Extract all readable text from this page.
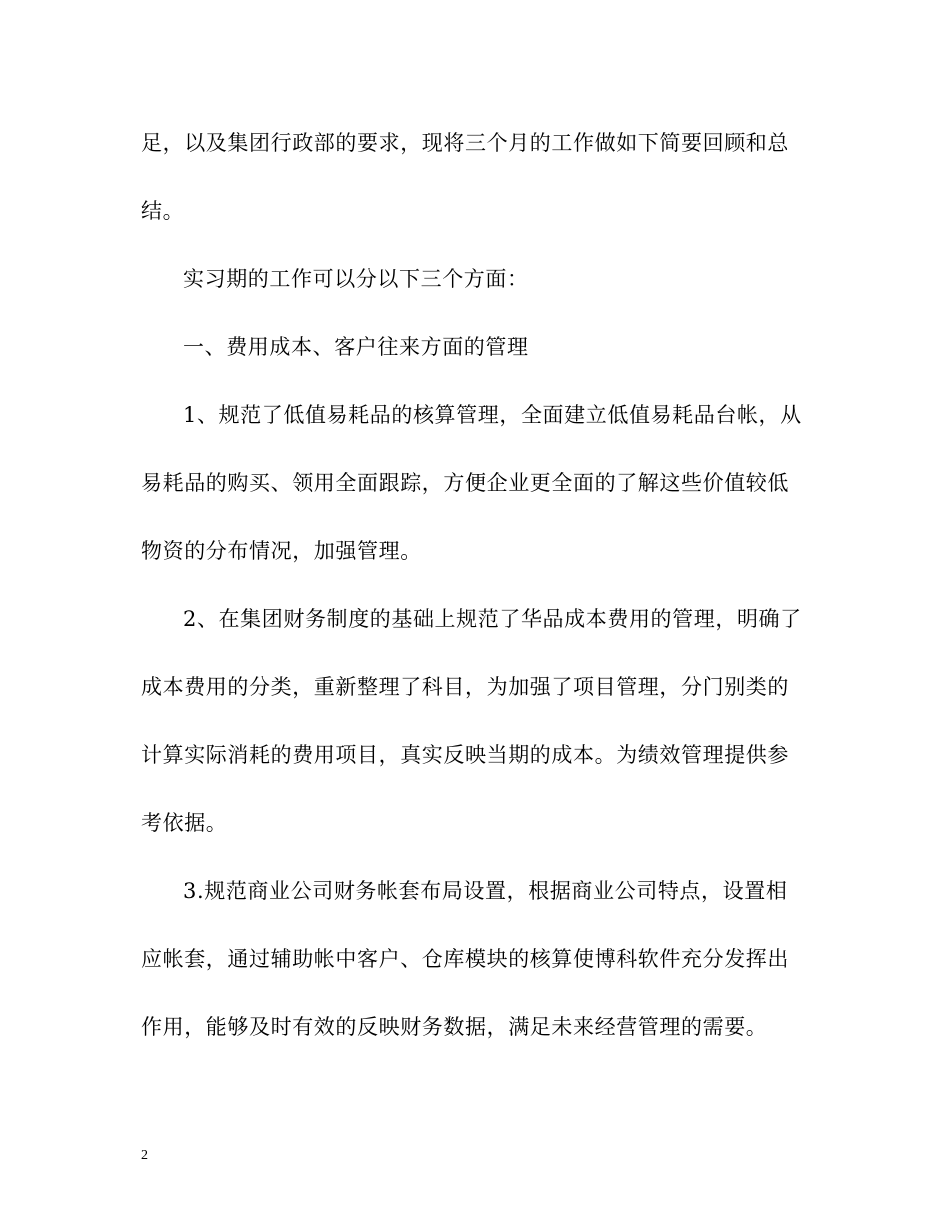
足，以及集团行政部的要求，现将三个月的工作做如下简要回顾和总
结。
实习期的工作可以分以下三个方面：
一、费用成本、客户往来方面的管理
1、规范了低值易耗品的核算管理，全面建立低值易耗品台帐，从
易耗品的购买、领用全面跟踪，方便企业更全面的了解这些价值较低
物资的分布情况，加强管理。
2、在集团财务制度的基础上规范了华品成本费用的管理，明确了
成本费用的分类，重新整理了科目，为加强了项目管理，分门别类的
计算实际消耗的费用项目，真实反映当期的成本。为绩效管理提供参
考依据。
3.规范商业公司财务帐套布局设置，根据商业公司特点，设置相
应帐套，通过辅助帐中客户、仓库模块的核算使博科软件充分发挥出
作用，能够及时有效的反映财务数据，满足未来经营管理的需要。
2
